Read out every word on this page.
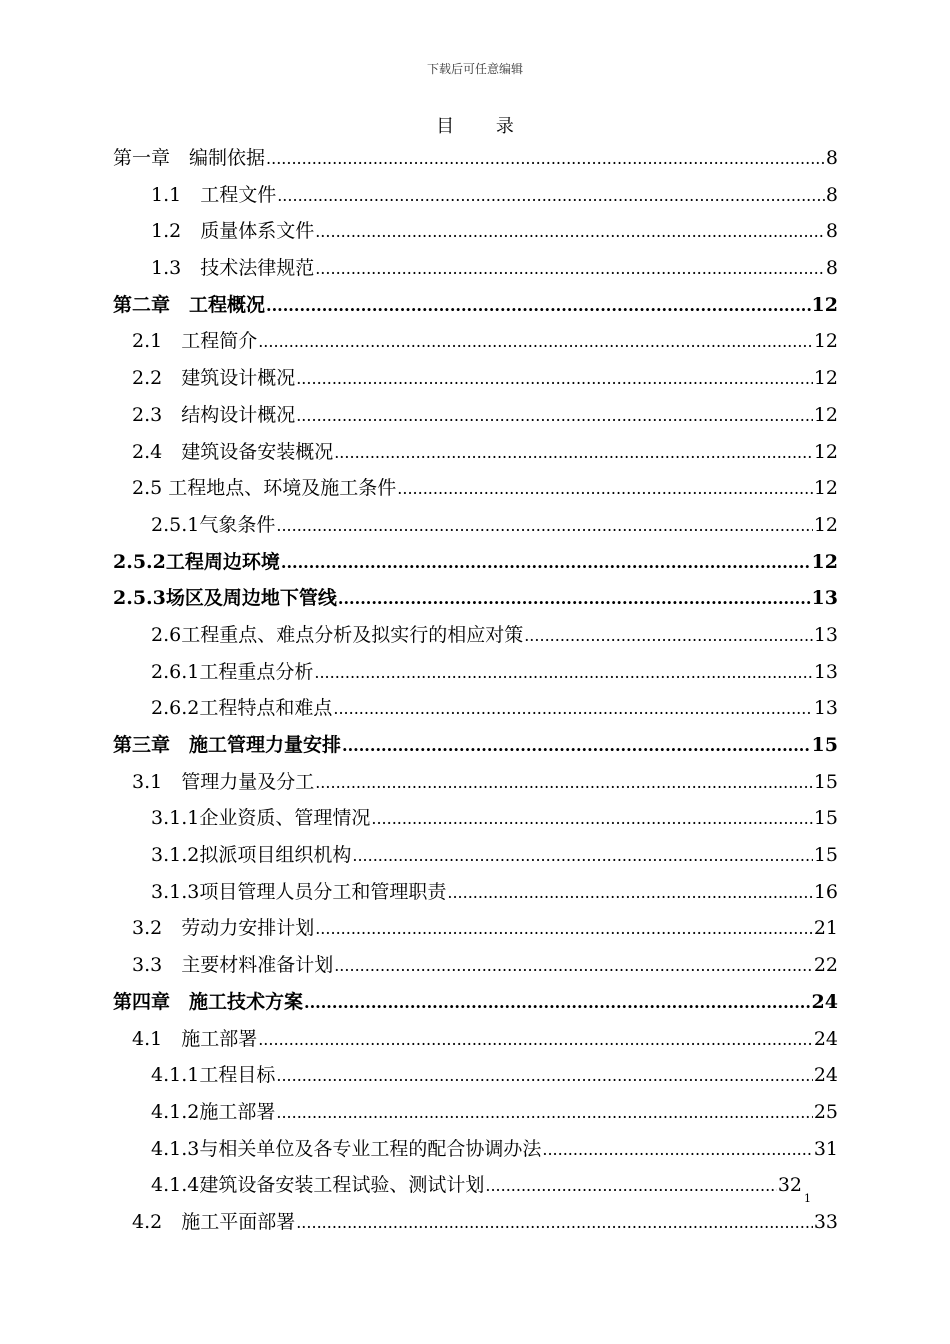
下载后可任意编辑
目 录
第一章　编制依据 .....	8
1.1　工程文件 .....	8
1.2　质量体系文件 .....	8
1.3　技术法律规范 .....	8
第二章　工程概况 .....	12
2.1　工程简介 .....	12
2.2　建筑设计概况 .....	12
2.3　结构设计概况 .....	12
2.4　建筑设备安装概况 .....	12
2.5 工程地点、环境及施工条件 .....	12
2.5.1气象条件 .....	12
2.5.2工程周边环境 .....	12
2.5.3场区及周边地下管线 .....	13
2.6工程重点、难点分析及拟实行的相应对策 .....	13
2.6.1工程重点分析 .....	13
2.6.2工程特点和难点 .....	13
第三章　施工管理力量安排 .....	15
3.1　管理力量及分工 .....	15
3.1.1企业资质、管理情况 .....	15
3.1.2拟派项目组织机构 .....	15
3.1.3项目管理人员分工和管理职责 .....	16
3.2　劳动力安排计划 .....	21
3.3　主要材料准备计划 .....	22
第四章　施工技术方案 .....	24
4.1　施工部署 .....	24
4.1.1工程目标 .....	24
4.1.2施工部署 .....	25
4.1.3与相关单位及各专业工程的配合协调办法 .....	31
4.1.4建筑设备安装工程试验、测试计划 .....	32
4.2　施工平面部署 .....	33
1
